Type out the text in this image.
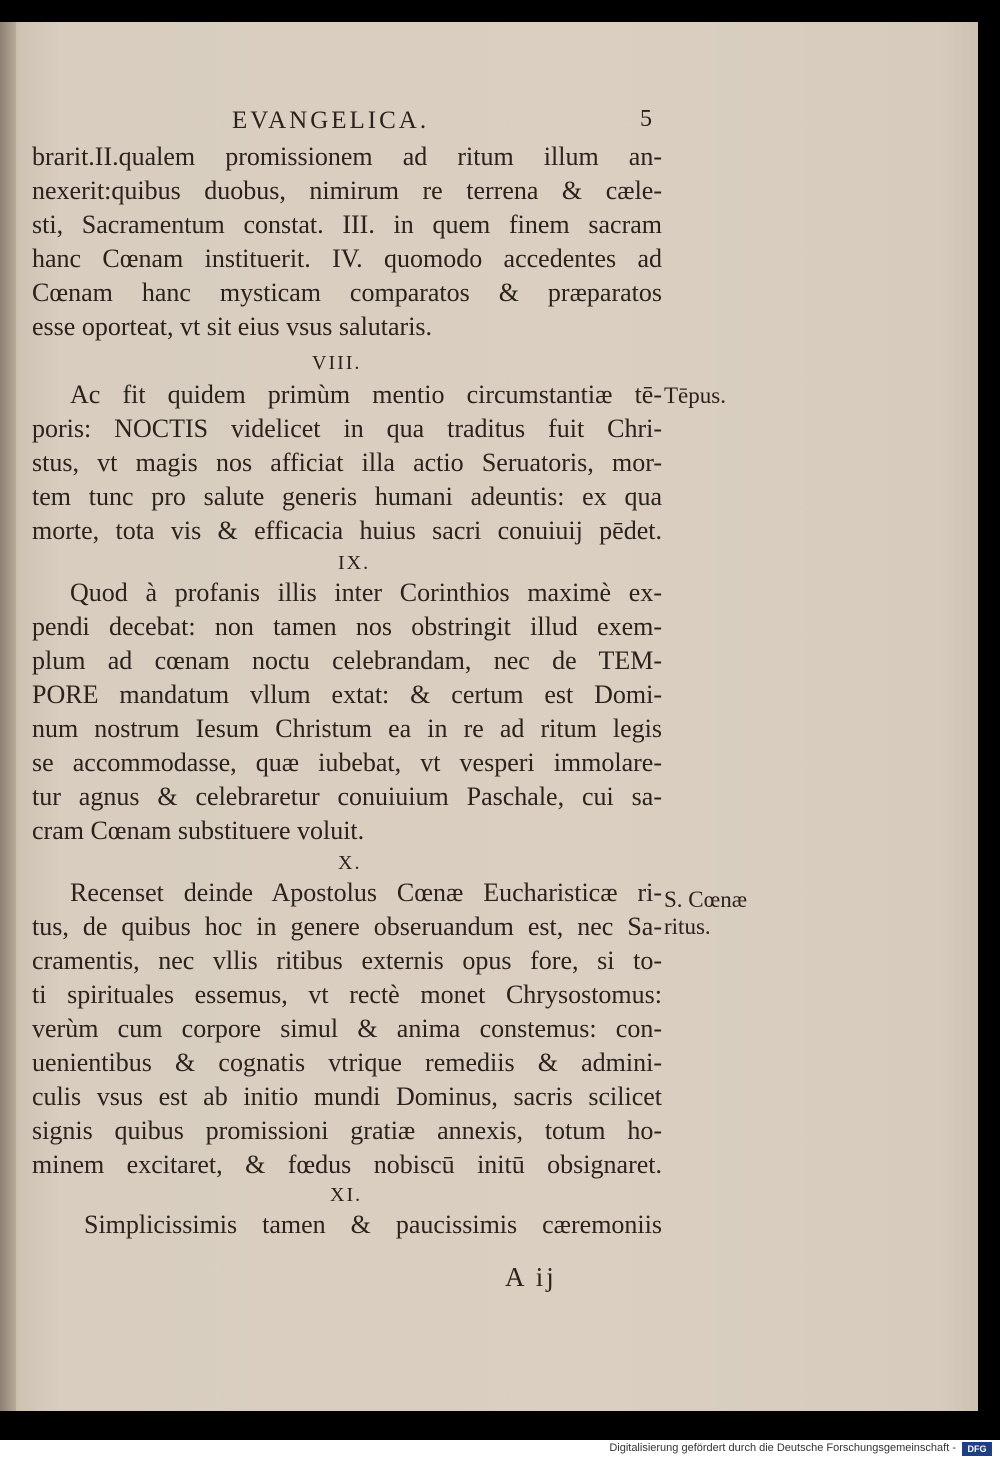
EVANGELICA.	5
brarit.II.qualem promissionem ad ritum illum an-
nexerit:quibus duobus, nimirum re terrena & cæle-
sti, Sacramentum constat. III. in quem finem sacram
hanc Cœnam instituerit. IV. quomodo accedentes ad
Cœnam hanc mysticam comparatos & præparatos
esse oporteat, vt sit eius vsus salutaris.
VIII.
Ac fit quidem primùm mentio circumstantiæ tē-
poris: NOCTIS videlicet in qua traditus fuit Chri-
stus, vt magis nos afficiat illa actio Seruatoris, mor-
tem tunc pro salute generis humani adeuntis: ex qua
morte, tota vis & efficacia huius sacri conuiuij pēdet.
IX.
Quod à profanis illis inter Corinthios maximè ex-
pendi decebat: non tamen nos obstringit illud exem-
plum ad cœnam noctu celebrandam, nec de TEM-
PORE mandatum vllum extat: & certum est Domi-
num nostrum Iesum Christum ea in re ad ritum legis
se accommodasse, quæ iubebat, vt vesperi immolare-
tur agnus & celebraretur conuiuium Paschale, cui sa-
cram Cœnam substituere voluit.
X.
Recenset deinde Apostolus Cœnæ Eucharisticæ ri-
tus, de quibus hoc in genere obseruandum est, nec Sa-
cramentis, nec vllis ritibus externis opus fore, si to-
ti spirituales essemus, vt rectè monet Chrysostomus:
verùm cum corpore simul & anima constemus: con-
uenientibus & cognatis vtrique remediis & admini-
culis vsus est ab initio mundi Dominus, sacris scilicet
signis quibus promissioni gratiæ annexis, totum ho-
minem excitaret, & fœdus nobiscū initū obsignaret.
XI.
Simplicissimis tamen & paucissimis cæremoniis
A ij
Tēpus.
S. Cœnæ
ritus.
Digitalisierung gefördert durch die Deutsche Forschungsgemeinschaft -	DFG
